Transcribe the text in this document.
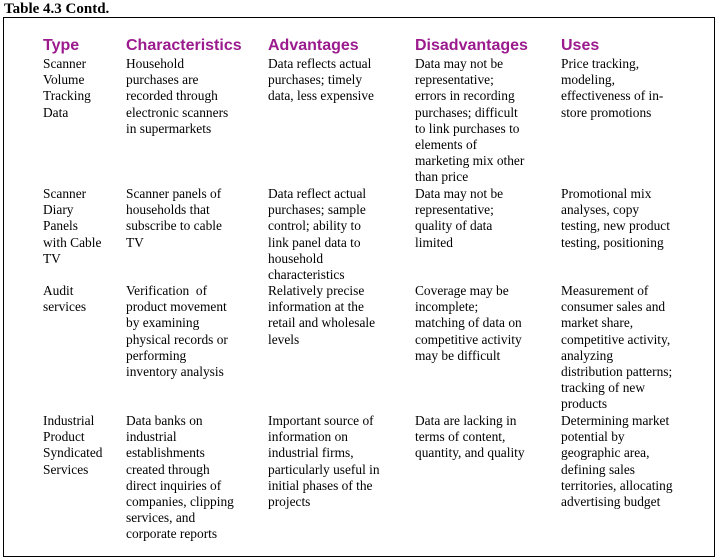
Table 4.3 Contd.
Type	Characteristics Advantages	Disadvantages Uses
Scanner
Volume
Tracking
Data
Household
purchases are
recorded through
electronic scanners
in supermarkets
Data reflects actual
purchases; timely
data, less expensive
Data may not be
representative;
errors in recording
purchases; difficult
to link purchases to
elements of
marketing mix other
than price
Price tracking,
modeling,
effectiveness of in-
store promotions
Scanner
Diary
Panels
with Cable
TV
Scanner panels of
households that
subscribe to cable
TV
Data reflect actual
purchases; sample
control; ability to
link panel data to
household
characteristics
Data may not be
representative;
quality of data
limited
Promotional mix
analyses, copy
testing, new product
testing, positioning
Audit
services
Verification  of
product movement
by examining
physical records or
performing
inventory analysis
Relatively precise
information at the
retail and wholesale
levels
Coverage may be
incomplete;
matching of data on
competitive activity
may be difficult
Measurement of
consumer sales and
market share,
competitive activity,
analyzing
distribution patterns;
tracking of new
products
Industrial
Product
Syndicated
Services
Data banks on
industrial
establishments
created through
direct inquiries of
companies, clipping
services, and
corporate reports
Important source of
information on
industrial firms,
particularly useful in
initial phases of the
projects
Data are lacking in
terms of content,
quantity, and quality
Determining market
potential by
geographic area,
defining sales
territories, allocating
advertising budget
